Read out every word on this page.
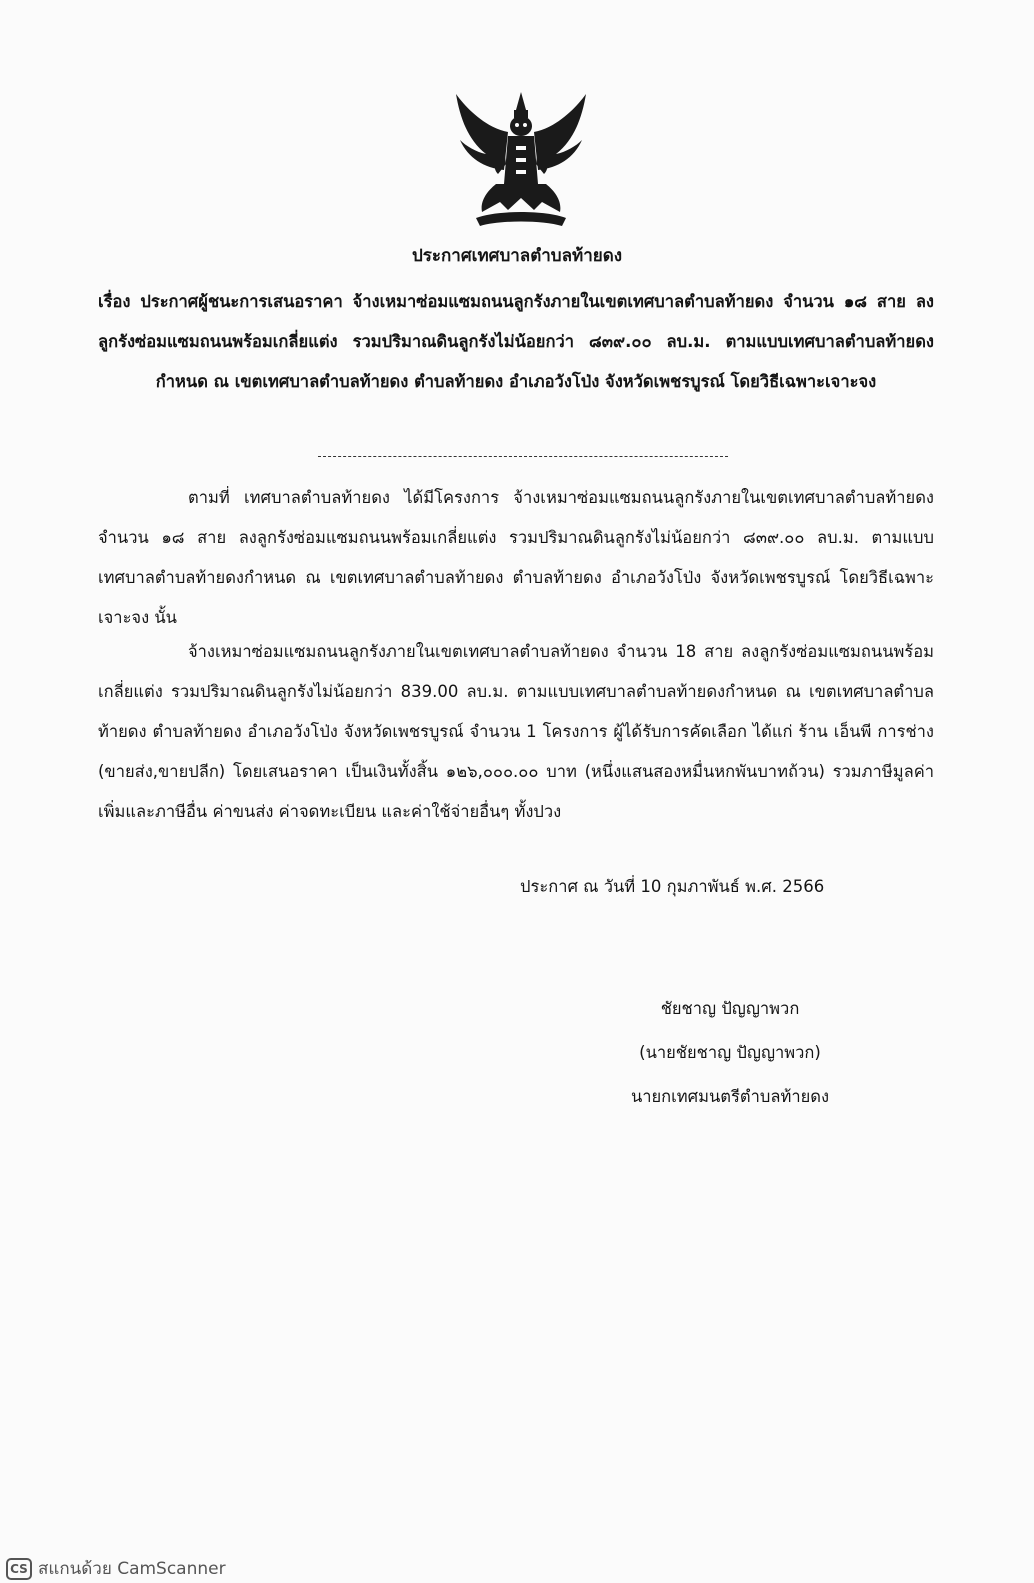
ประกาศเทศบาลตำบลท้ายดง
เรื่อง ประกาศผู้ชนะการเสนอราคา จ้างเหมาซ่อมแซมถนนลูกรังภายในเขตเทศบาลตำบลท้ายดง จำนวน ๑๘ สาย ลงลูกรังซ่อมแซมถนนพร้อมเกลี่ยแต่ง รวมปริมาณดินลูกรังไม่น้อยกว่า ๘๓๙.๐๐ ลบ.ม. ตามแบบเทศบาลตำบลท้ายดงกำหนด ณ เขตเทศบาลตำบลท้ายดง ตำบลท้ายดง อำเภอวังโป่ง จังหวัดเพชรบูรณ์ โดยวิธีเฉพาะเจาะจง
ตามที่ เทศบาลตำบลท้ายดง ได้มีโครงการ จ้างเหมาซ่อมแซมถนนลูกรังภายในเขตเทศบาลตำบลท้ายดง จำนวน ๑๘ สาย ลงลูกรังซ่อมแซมถนนพร้อมเกลี่ยแต่ง รวมปริมาณดินลูกรังไม่น้อยกว่า ๘๓๙.๐๐ ลบ.ม. ตามแบบเทศบาลตำบลท้ายดงกำหนด ณ เขตเทศบาลตำบลท้ายดง ตำบลท้ายดง อำเภอวังโป่ง จังหวัดเพชรบูรณ์ โดยวิธีเฉพาะเจาะจง นั้น
จ้างเหมาซ่อมแซมถนนลูกรังภายในเขตเทศบาลตำบลท้ายดง จำนวน 18 สาย ลงลูกรังซ่อมแซมถนนพร้อมเกลี่ยแต่ง รวมปริมาณดินลูกรังไม่น้อยกว่า 839.00 ลบ.ม. ตามแบบเทศบาลตำบลท้ายดงกำหนด ณ เขตเทศบาลตำบลท้ายดง ตำบลท้ายดง อำเภอวังโป่ง จังหวัดเพชรบูรณ์ จำนวน 1 โครงการ ผู้ได้รับการคัดเลือก ได้แก่ ร้าน เอ็นพี การช่าง (ขายส่ง,ขายปลีก) โดยเสนอราคา เป็นเงินทั้งสิ้น ๑๒๖,๐๐๐.๐๐ บาท (หนึ่งแสนสองหมื่นหกพันบาทถ้วน) รวมภาษีมูลค่าเพิ่มและภาษีอื่น ค่าขนส่ง ค่าจดทะเบียน และค่าใช้จ่ายอื่นๆ ทั้งปวง
ประกาศ ณ วันที่ 10 กุมภาพันธ์ พ.ศ. 2566
ชัยชาญ ปัญญาพวก
(นายชัยชาญ ปัญญาพวก)
นายกเทศมนตรีตำบลท้ายดง
CS สแกนด้วย CamScanner
